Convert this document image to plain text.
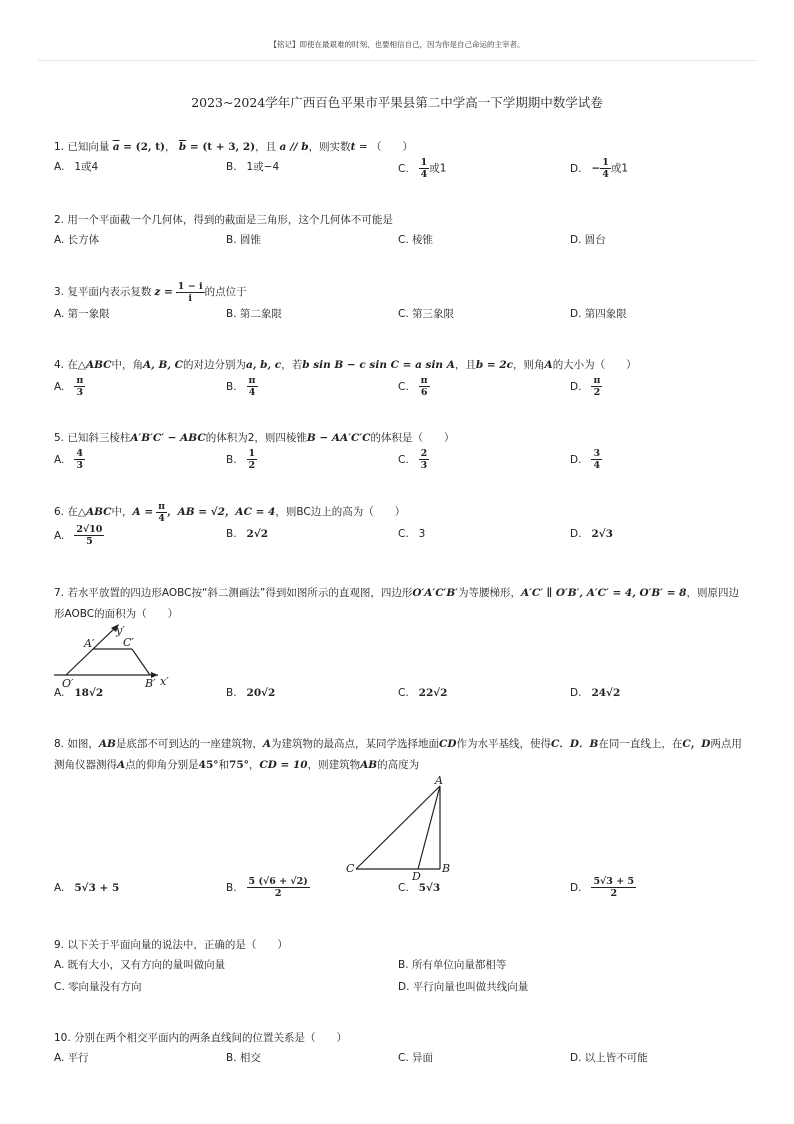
【铭记】即使在最艰难的时刻，也要相信自己，因为你是自己命运的主宰者。
2023~2024学年广西百色平果市平果县第二中学高一下学期期中数学试卷
1. 已知向量 $\overline{a} = (2$, t)， $\overline{b} = (t + 3$, 2)，且 a // b，则实数t = （　　）
A. 1或4	B. 1或−4	C. $\frac{1}{4}$ 或1	D. − $\frac{1}{4}$ 或1
2. 用一个平面截一个几何体，得到的截面是三角形，这个几何体不可能是
A. 长方体	B. 圆锥	C. 棱锥	D. 圆台
3. 复平面内表示复数 $z = \frac{1 - i}{i}$ 的点位于
A. 第一象限	B. 第二象限	C. 第三象限	D. 第四象限
4. 在△ABC中，角A, B, C的对边分别为a, b, c，若b sin B − c sin C = a sin A，且b = 2c，则角A的大小为（　　）
A. $\frac{\pi}{3}$	B. $\frac{\pi}{4}$	C. $\frac{\pi}{6}$	D. $\frac{\pi}{2}$
5. 已知斜三棱柱A′B′C′ − ABC的体积为2，则四棱锥B − AA′C′C的体积是（　　）
A. $\frac{4}{3}$	B. $\frac{1}{2}$	C. $\frac{2}{3}$	D. $\frac{3}{4}$
6. 在△ ABC 中， $A = \frac{\pi}{4}$ ，AB = √2 ，AC = 4 ，则BC边上的高为（　　）
A. $\frac{2√10}{5}$	B. 2√2	C. 3	D. 2√3
7. 若水平放置的四边形AOBC按“斜二测画法”得到如图所示的直观图，四边形O′A′C′B′为等腰梯形，A′C′ ∥ O′B′, A′C′ = 4, O′B′ = 8，则原四边形AOBC的面积为（　　）
A′	C′
O′	B′ x′
y′
A. 18√2	B. 20√2	C. 22√2	D. 24√2
8. 如图，AB是底部不可到达的一座建筑物，A为建筑物的最高点，某同学选择地面CD作为水平基线，使得C．D．B在同一直线上，在C，D两点用测角仪器测得A点的仰角分别是45°和75°，CD = 10，则建筑物AB的高度为
A
B
C
D
A. 5√3 + 5	B. $\frac{5 (√6 + √2)}{2}$	C. 5√3	D. $\frac{5√3 + 5}{2}$
9. 以下关于平面向量的说法中，正确的是（　　）
A. 既有大小，又有方向的量叫做向量	B. 所有单位向量都相等
C. 零向量没有方向	D. 平行向量也叫做共线向量
10. 分别在两个相交平面内的两条直线间的位置关系是（　　）
A. 平行	B. 相交	C. 异面	D. 以上皆不可能
